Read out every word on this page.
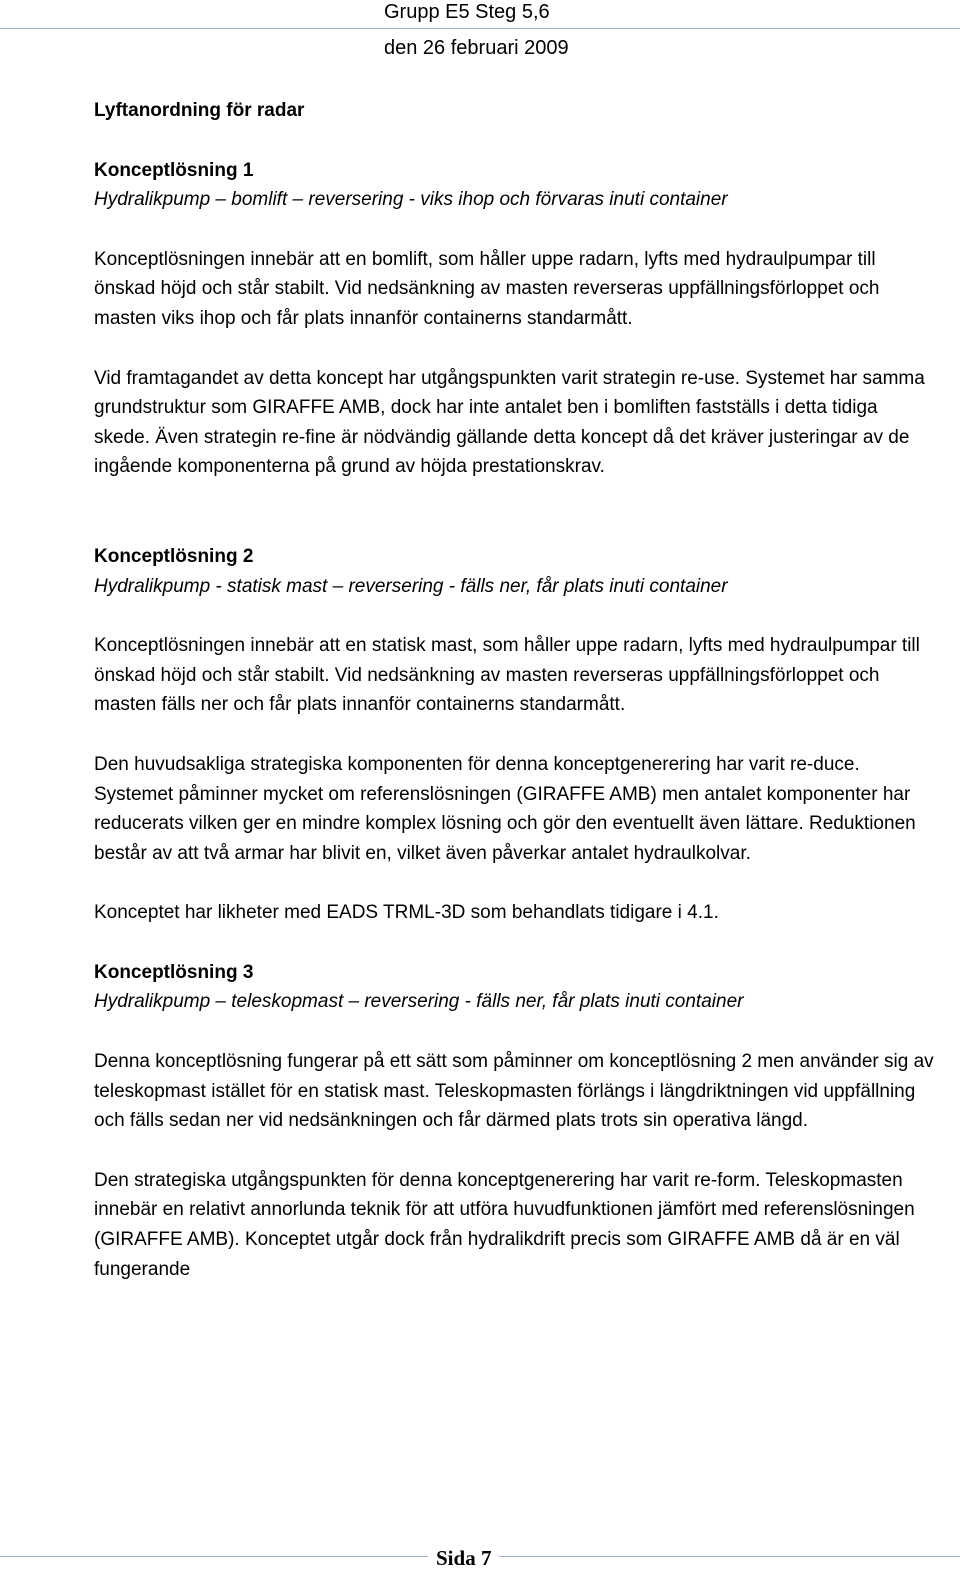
Grupp E5 Steg 5,6
den 26 februari 2009

Lyftanordning för radar

Konceptlösning 1

Hydralikpump – bomlift – reversering - viks ihop och förvaras inuti container

Konceptlösningen innebär att en bomlift, som håller uppe radarn, lyfts med hydraulpumpar till önskad höjd och står stabilt. Vid nedsänkning av masten reverseras uppfällningsförloppet och masten viks ihop och får plats innanför containerns standarmått.

Vid framtagandet av detta koncept har utgångspunkten varit strategin re-use. Systemet har samma grundstruktur som GIRAFFE AMB, dock har inte antalet ben i bomliften fastställs i detta tidiga skede. Även strategin re-fine är nödvändig gällande detta koncept då det kräver justeringar av de ingående komponenterna på grund av höjda prestationskrav.

Konceptlösning 2

Hydralikpump - statisk mast – reversering - fälls ner, får plats inuti container

Konceptlösningen innebär att en statisk mast, som håller uppe radarn, lyfts med hydraulpumpar till önskad höjd och står stabilt. Vid nedsänkning av masten reverseras uppfällningsförloppet och masten fälls ner och får plats innanför containerns standarmått.

Den huvudsakliga strategiska komponenten för denna konceptgenerering har varit re-duce. Systemet påminner mycket om referenslösningen (GIRAFFE AMB) men antalet komponenter har reducerats vilken ger en mindre komplex lösning och gör den eventuellt även lättare. Reduktionen består av att två armar har blivit en, vilket även påverkar antalet hydraulkolvar.

Konceptet har likheter med EADS TRML-3D som behandlats tidigare i 4.1.

Konceptlösning 3

Hydralikpump – teleskopmast – reversering - fälls ner, får plats inuti container

Denna konceptlösning fungerar på ett sätt som påminner om konceptlösning 2 men använder sig av teleskopmast istället för en statisk mast. Teleskopmasten förlängs i längdriktningen vid uppfällning och fälls sedan ner vid nedsänkningen och får därmed plats trots sin operativa längd.

Den strategiska utgångspunkten för denna konceptgenerering har varit re-form. Teleskopmasten innebär en relativt annorlunda teknik för att utföra huvudfunktionen jämfört med referenslösningen (GIRAFFE AMB). Konceptet utgår dock från hydralikdrift precis som GIRAFFE AMB då är en väl fungerande

Sida 7
